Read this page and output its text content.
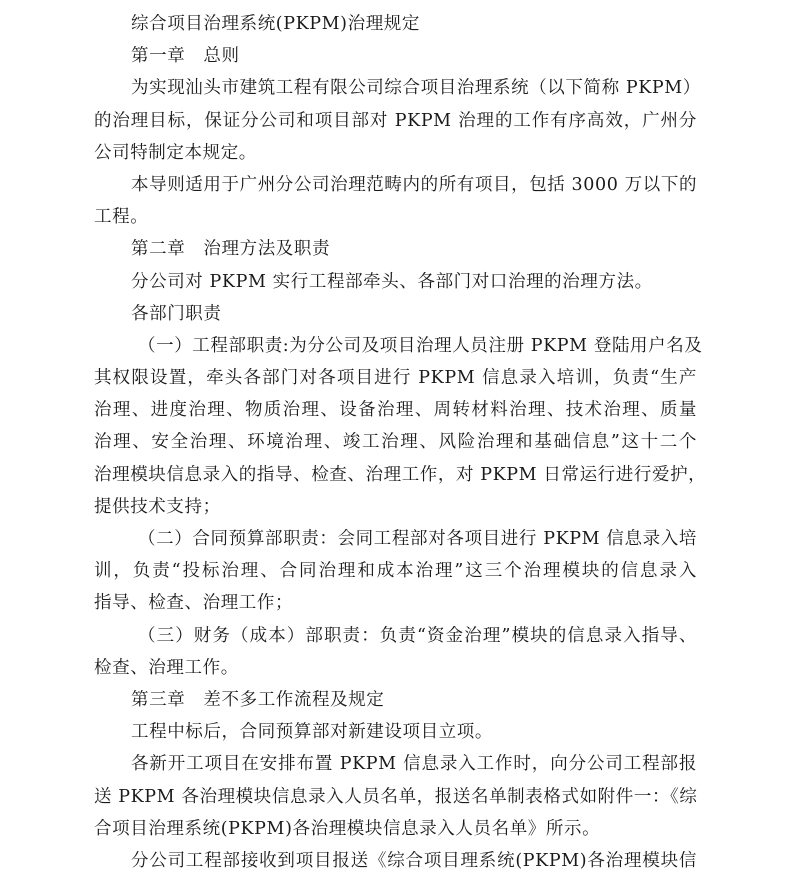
综合项目治理系统(PKPM)治理规定
第一章　总则
为实现汕头市建筑工程有限公司综合项目治理系统（以下简称 PKPM）
的治理目标，保证分公司和项目部对 PKPM 治理的工作有序高效，广州分
公司特制定本规定。
本导则适用于广州分公司治理范畴内的所有项目，包括 3000 万以下的
工程。
第二章　治理方法及职责
分公司对 PKPM 实行工程部牵头、各部门对口治理的治理方法。
各部门职责
（一）工程部职责:为分公司及项目治理人员注册 PKPM 登陆用户名及
其权限设置，牵头各部门对各项目进行 PKPM 信息录入培训，负责“生产
治理、进度治理、物质治理、设备治理、周转材料治理、技术治理、质量
治理、安全治理、环境治理、竣工治理、风险治理和基础信息”这十二个
治理模块信息录入的指导、检查、治理工作，对 PKPM 日常运行进行爱护，
提供技术支持；
（二）合同预算部职责：会同工程部对各项目进行 PKPM 信息录入培
训，负责“投标治理、合同治理和成本治理”这三个治理模块的信息录入
指导、检查、治理工作；
（三）财务（成本）部职责：负责“资金治理”模块的信息录入指导、
检查、治理工作。
第三章　差不多工作流程及规定
工程中标后，合同预算部对新建设项目立项。
各新开工项目在安排布置 PKPM 信息录入工作时，向分公司工程部报
送 PKPM 各治理模块信息录入人员名单，报送名单制表格式如附件一：《综
合项目治理系统(PKPM)各治理模块信息录入人员名单》所示。
分公司工程部接收到项目报送《综合项目理系统(PKPM)各治理模块信
